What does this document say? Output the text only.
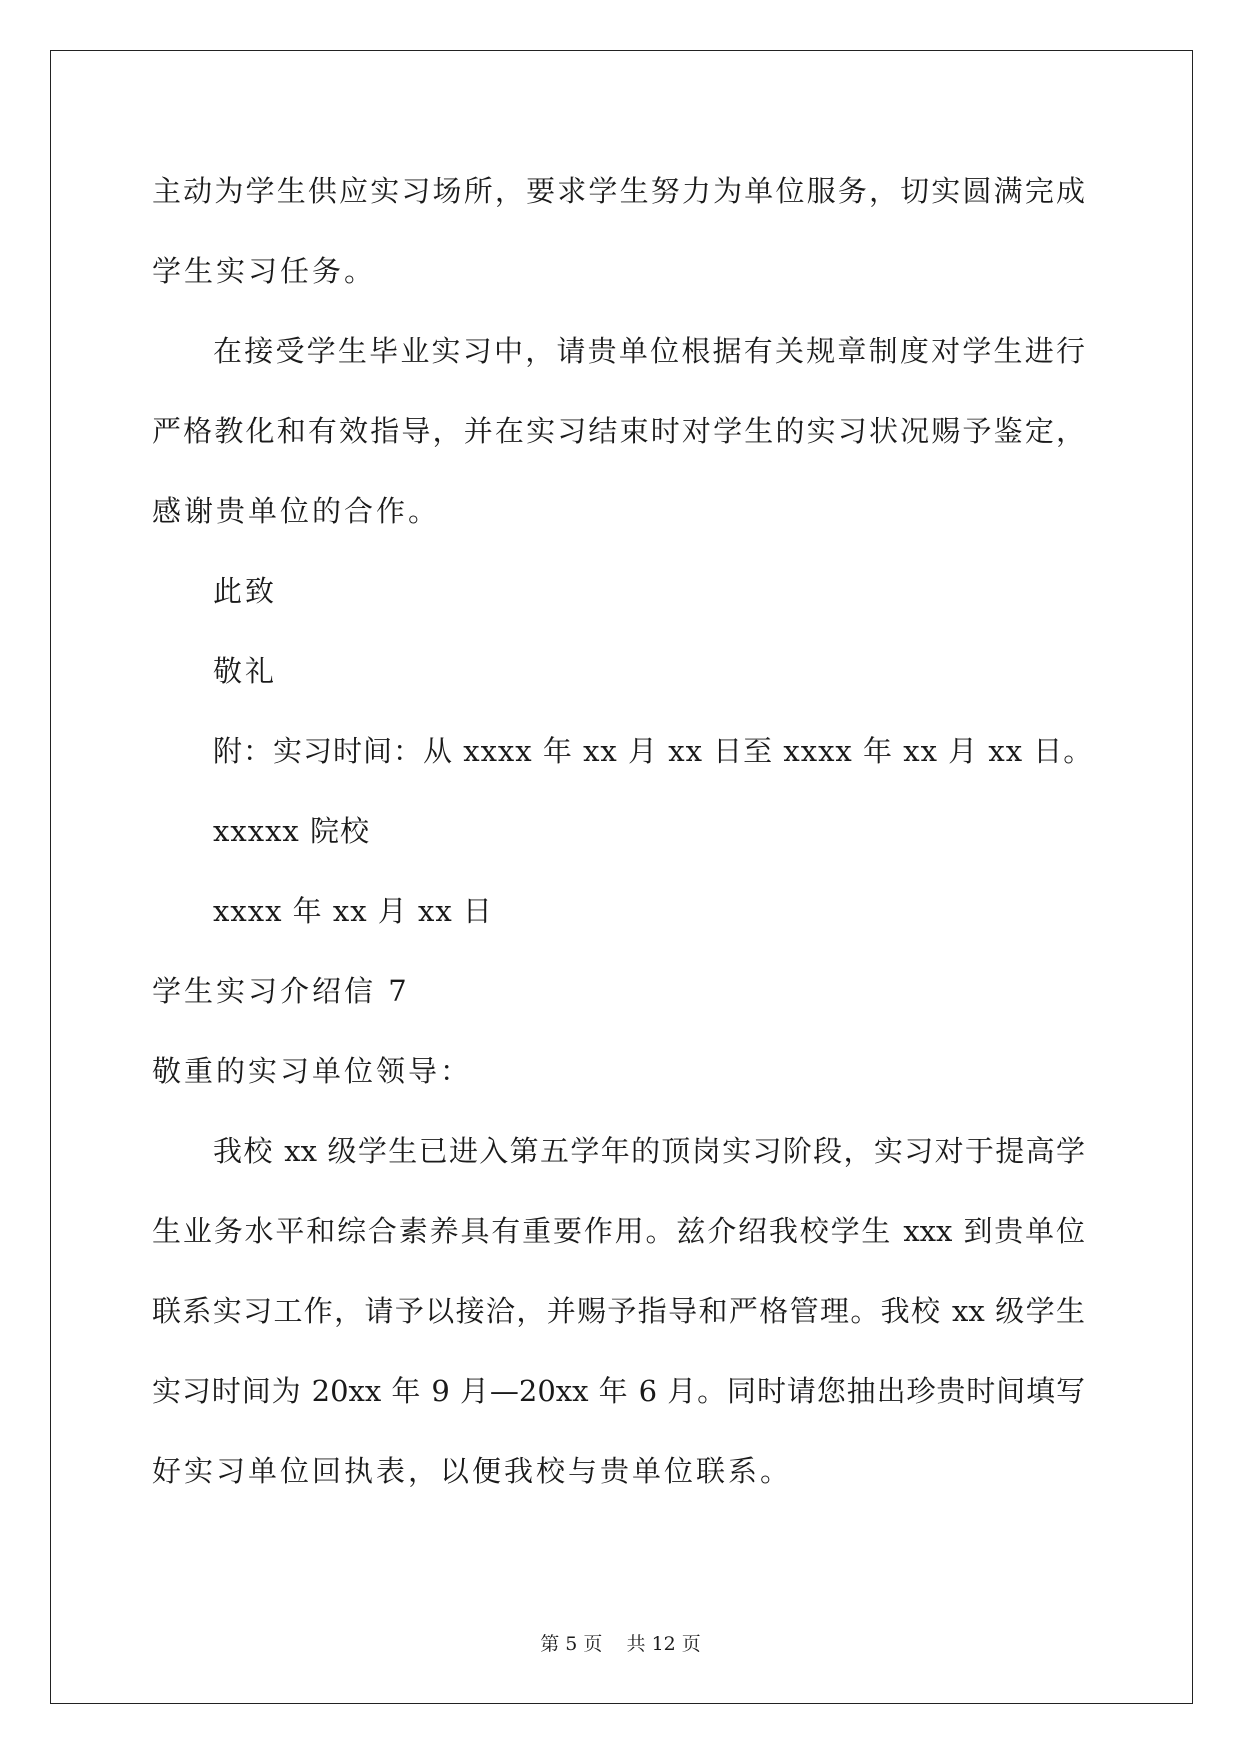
主动为学生供应实习场所，要求学生努力为单位服务，切实圆满完成
学生实习任务。
在接受学生毕业实习中，请贵单位根据有关规章制度对学生进行
严格教化和有效指导，并在实习结束时对学生的实习状况赐予鉴定，
感谢贵单位的合作。
此致
敬礼
附：实习时间：从 xxxx 年 xx 月 xx 日至 xxxx 年 xx 月 xx 日。
xxxxx 院校
xxxx 年 xx 月 xx 日
学生实习介绍信 7
敬重的实习单位领导：
我校 xx 级学生已进入第五学年的顶岗实习阶段，实习对于提高学
生业务水平和综合素养具有重要作用。兹介绍我校学生 xxx 到贵单位
联系实习工作，请予以接洽，并赐予指导和严格管理。我校 xx 级学生
实习时间为 20xx 年 9 月—20xx 年 6 月。同时请您抽出珍贵时间填写
好实习单位回执表，以便我校与贵单位联系。
第 5 页    共 12 页
